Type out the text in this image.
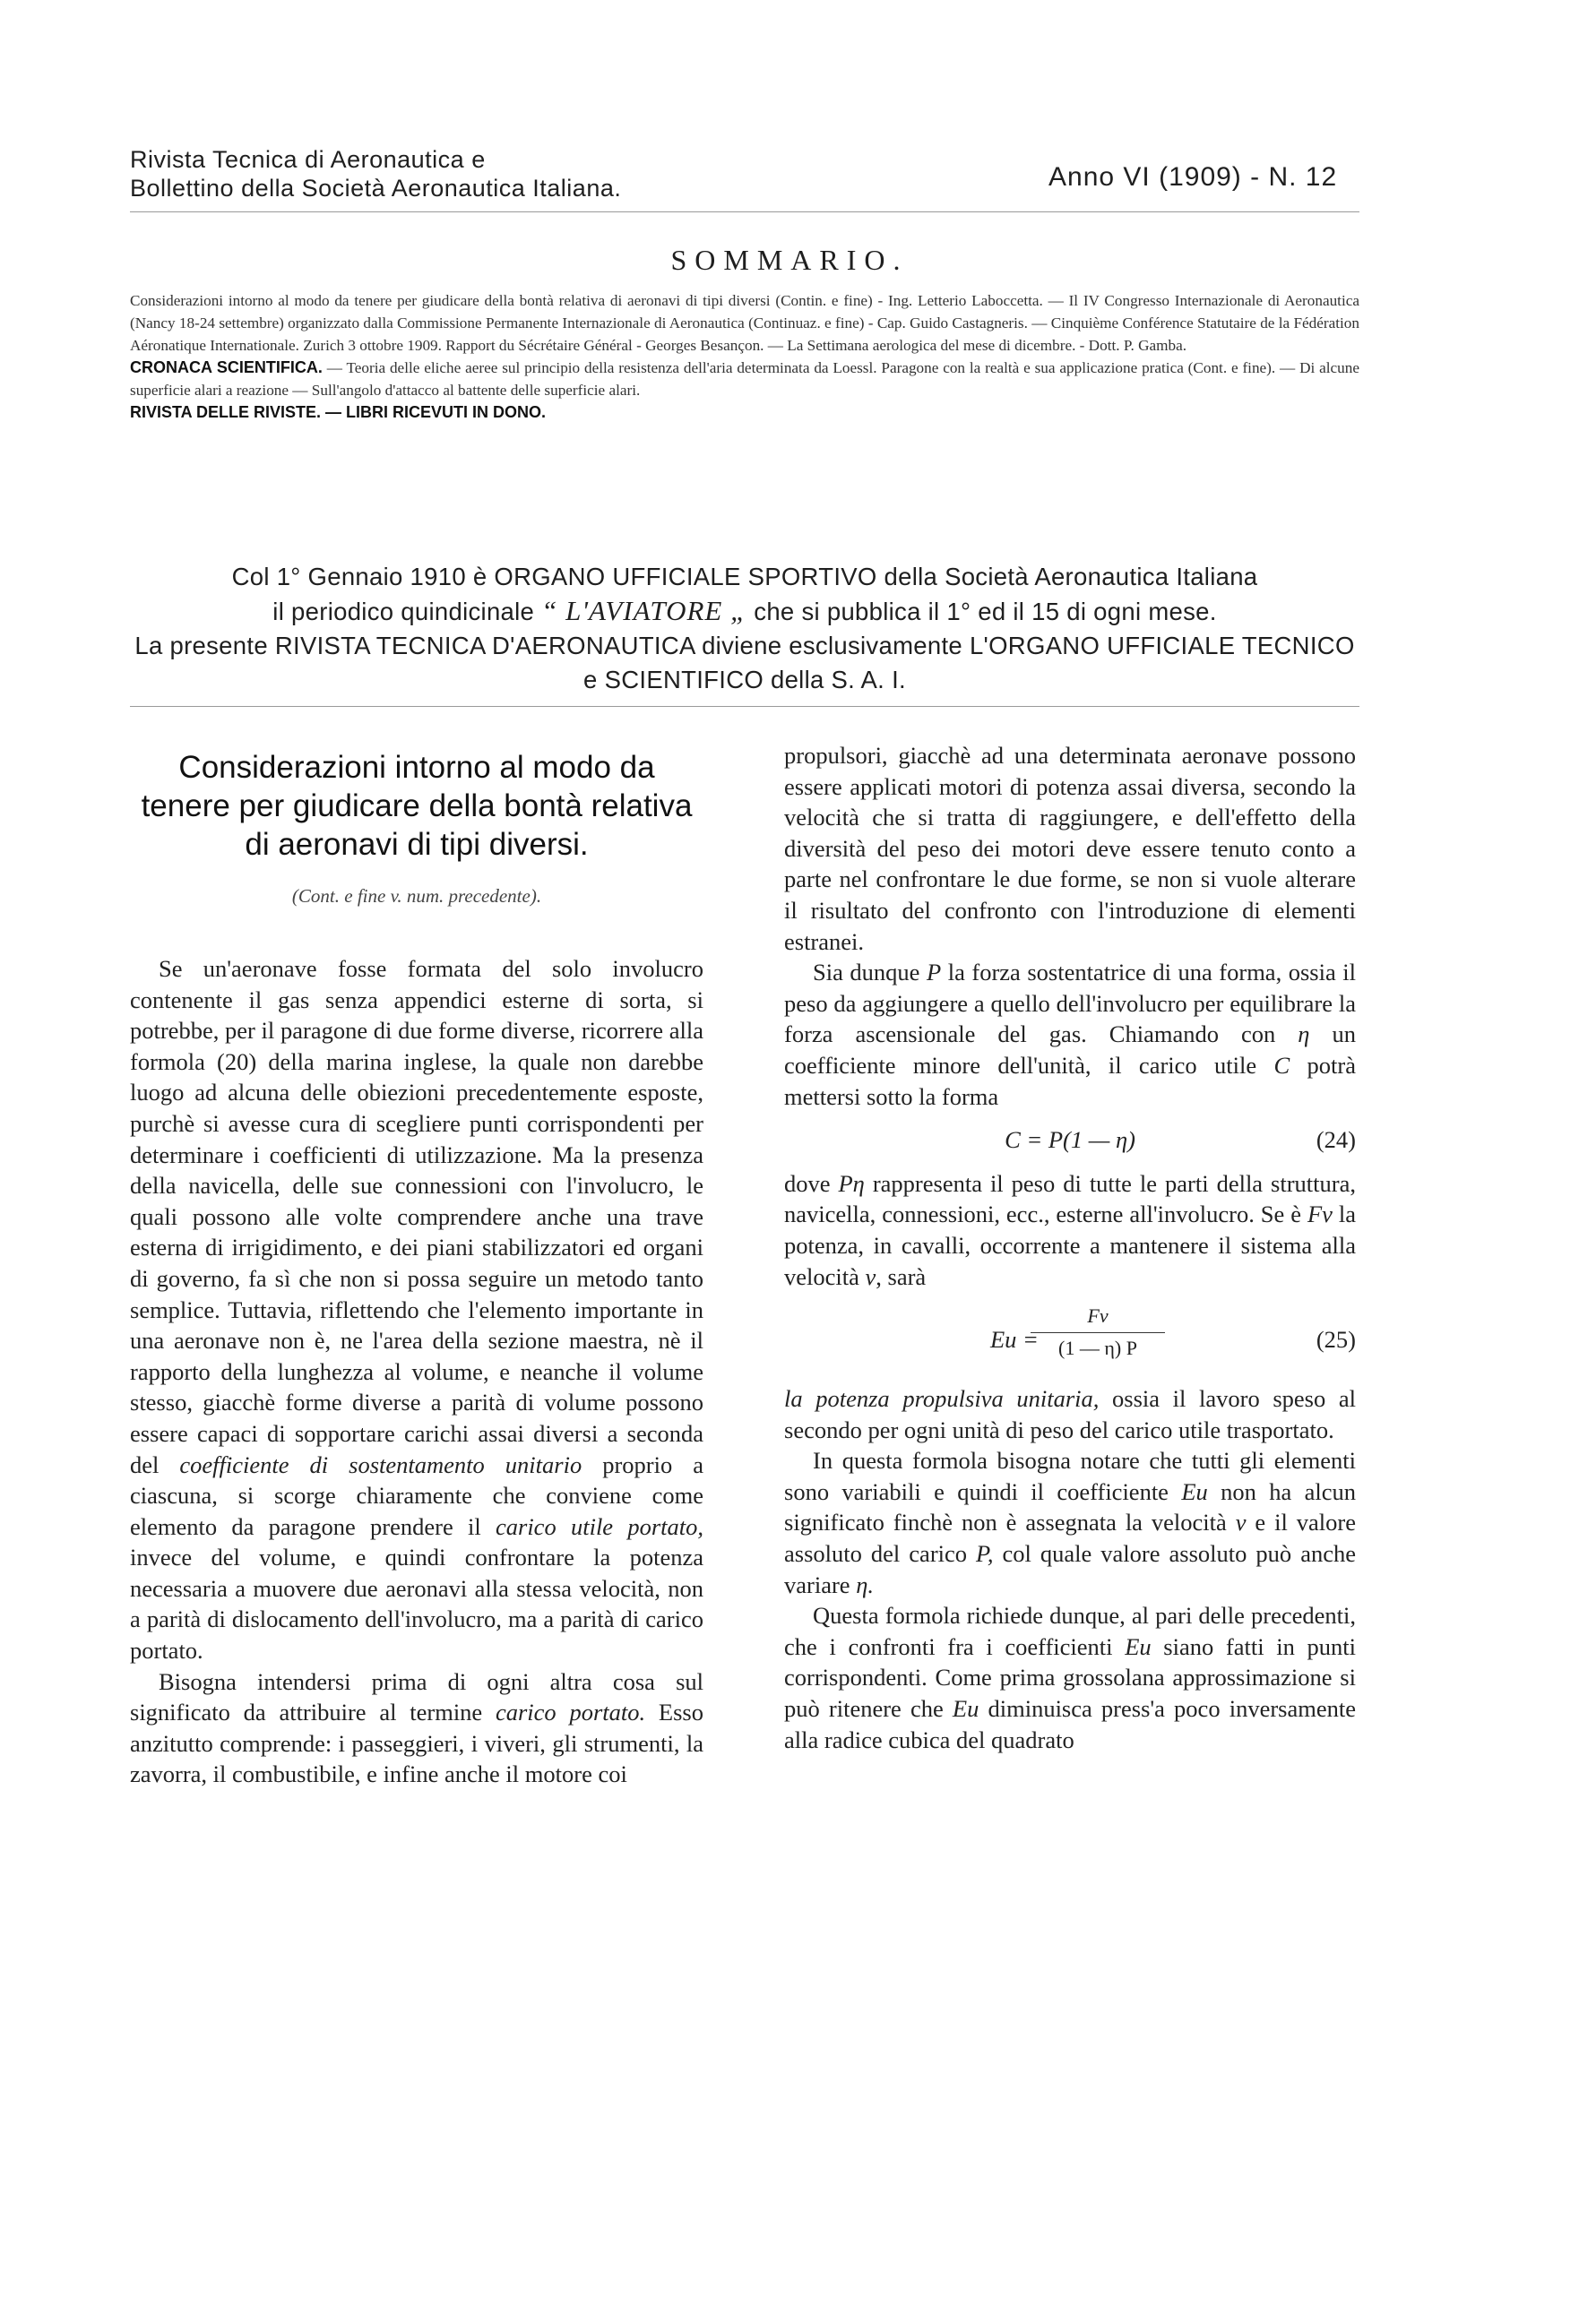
Rivista Tecnica di Aeronautica e
Bollettino della Società Aeronautica Italiana.	Anno VI (1909) - N. 12
SOMMARIO.

Considerazioni intorno al modo da tenere per giudicare della bontà relativa di aeronavi di tipi diversi (Contin. e fine) - Ing. Letterio Laboccetta. — Il IV Congresso Internazionale di Aeronautica (Nancy 18-24 settembre) organizzato dalla Commissione Permanente Internazionale di Aeronautica (Continuaz. e fine) - Cap. Guido Castagneris. — Cinquième Conférence Statutaire de la Fédération Aéronatique Internationale. Zurich 3 ottobre 1909. Rapport du Sécrétaire Général - Georges Besançon. — La Settimana aerologica del mese di dicembre. - Dott. P. Gamba.

CRONACA SCIENTIFICA. — Teoria delle eliche aeree sul principio della resistenza dell'aria determinata da Loessl. Paragone con la realtà e sua applicazione pratica (Cont. e fine). — Di alcune superficie alari a reazione — Sull'angolo d'attacco al battente delle superficie alari.

RIVISTA DELLE RIVISTE. — LIBRI RICEVUTI IN DONO.

Col 1° Gennaio 1910 è ORGANO UFFICIALE SPORTIVO della Società Aeronautica Italiana

il periodico quindicinale “ L'AVIATORE „ che si pubblica il 1° ed il 15 di ogni mese.

La presente RIVISTA TECNICA D'AERONAUTICA diviene esclusivamente L'ORGANO UFFICIALE TECNICO e SCIENTIFICO della S. A. I.

Considerazioni intorno al modo da tenere per giudicare della bontà relativa di aeronavi di tipi diversi.
(Cont. e fine v. num. precedente).

Se un'aeronave fosse formata del solo involucro contenente il gas senza appendici esterne di sorta, si potrebbe, per il paragone di due forme diverse, ricorrere alla formola (20) della marina inglese, la quale non darebbe luogo ad alcuna delle obiezioni precedentemente esposte, purchè si avesse cura di scegliere punti corrispondenti per determinare i coefficienti di utilizzazione. Ma la presenza della navicella, delle sue connessioni con l'involucro, le quali possono alle volte comprendere anche una trave esterna di irrigidimento, e dei piani stabilizzatori ed organi di governo, fa sì che non si possa seguire un metodo tanto semplice. Tuttavia, riflettendo che l'elemento importante in una aeronave non è, ne l'area della sezione maestra, nè il rapporto della lunghezza al volume, e neanche il volume stesso, giacchè forme diverse a parità di volume possono essere capaci di sopportare carichi assai diversi a seconda del coefficiente di sostentamento unitario proprio a ciascuna, si scorge chiaramente che conviene come elemento da paragone prendere il carico utile portato, invece del volume, e quindi confrontare la potenza necessaria a muovere due aeronavi alla stessa velocità, non a parità di dislocamento dell'involucro, ma a parità di carico portato.

Bisogna intendersi prima di ogni altra cosa sul significato da attribuire al termine carico portato. Esso anzitutto comprende: i passeggieri, i viveri, gli strumenti, la zavorra, il combustibile, e infine anche il motore coi

propulsori, giacchè ad una determinata aeronave possono essere applicati motori di potenza assai diversa, secondo la velocità che si tratta di raggiungere, e dell'effetto della diversità del peso dei motori deve essere tenuto conto a parte nel confrontare le due forme, se non si vuole alterare il risultato del confronto con l'introduzione di elementi estranei.

Sia dunque P la forza sostentatrice di una forma, ossia il peso da aggiungere a quello dell'involucro per equilibrare la forza ascensionale del gas. Chiamando con η un coefficiente minore dell'unità, il carico utile C potrà mettersi sotto la forma

C = P(1 — η)	(24)

dove Pη rappresenta il peso di tutte le parti della struttura, navicella, connessioni, ecc., esterne all'involucro. Se è Fv la potenza, in cavalli, occorrente a mantenere il sistema alla velocità v, sarà

Eu =
$\frac{Fv}{(1 — \eta) P}$	(25)

la potenza propulsiva unitaria, ossia il lavoro speso al secondo per ogni unità di peso del carico utile trasportato.

In questa formola bisogna notare che tutti gli elementi sono variabili e quindi il coefficiente Eu non ha alcun significato finchè non è assegnata la velocità v e il valore assoluto del carico P, col quale valore assoluto può anche variare η.

Questa formola richiede dunque, al pari delle precedenti, che i confronti fra i coefficienti Eu siano fatti in punti corrispondenti. Come prima grossolana approssimazione si può ritenere che Eu diminuisca press'a poco inversamente alla radice cubica del quadrato
